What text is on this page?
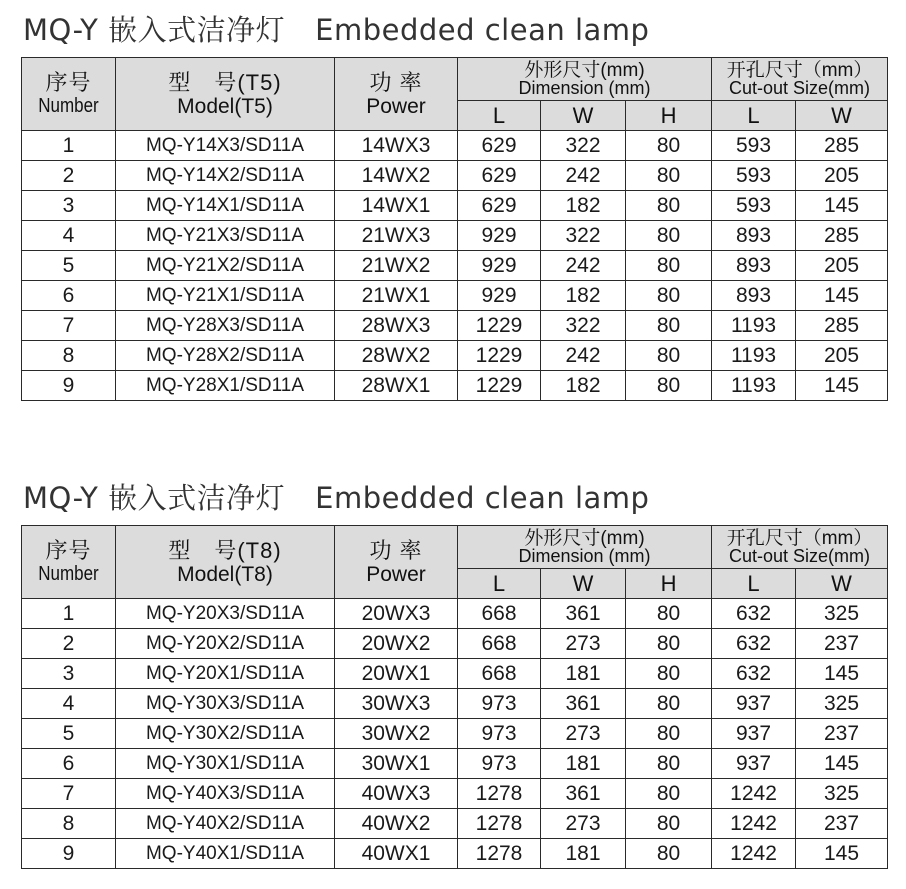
MQ-Y 嵌入式洁净灯 Embedded clean lamp
序号
Number	型　号(T5)
Model(T5)	功 率
Power	外形尺寸(mm)
Dimension (mm)			开孔尺寸（mm）
Cut-out Size(mm)	

			L	W	H	L	W
1	MQ-Y14X3/SD11A	14WX3	629	322	80	593	285
2	MQ-Y14X2/SD11A	14WX2	629	242	80	593	205
3	MQ-Y14X1/SD11A	14WX1	629	182	80	593	145
4	MQ-Y21X3/SD11A	21WX3	929	322	80	893	285
5	MQ-Y21X2/SD11A	21WX2	929	242	80	893	205
6	MQ-Y21X1/SD11A	21WX1	929	182	80	893	145
7	MQ-Y28X3/SD11A	28WX3	1229	322	80	1193	285
8	MQ-Y28X2/SD11A	28WX2	1229	242	80	1193	205
9	MQ-Y28X1/SD11A	28WX1	1229	182	80	1193	145
MQ-Y 嵌入式洁净灯 Embedded clean lamp
序号
Number	型　号(T8)
Model(T8)	功 率
Power	外形尺寸(mm)
Dimension (mm)			开孔尺寸（mm）
Cut-out Size(mm)	

			L	W	H	L	W
1	MQ-Y20X3/SD11A	20WX3	668	361	80	632	325
2	MQ-Y20X2/SD11A	20WX2	668	273	80	632	237
3	MQ-Y20X1/SD11A	20WX1	668	181	80	632	145
4	MQ-Y30X3/SD11A	30WX3	973	361	80	937	325
5	MQ-Y30X2/SD11A	30WX2	973	273	80	937	237
6	MQ-Y30X1/SD11A	30WX1	973	181	80	937	145
7	MQ-Y40X3/SD11A	40WX3	1278	361	80	1242	325
8	MQ-Y40X2/SD11A	40WX2	1278	273	80	1242	237
9	MQ-Y40X1/SD11A	40WX1	1278	181	80	1242	145
